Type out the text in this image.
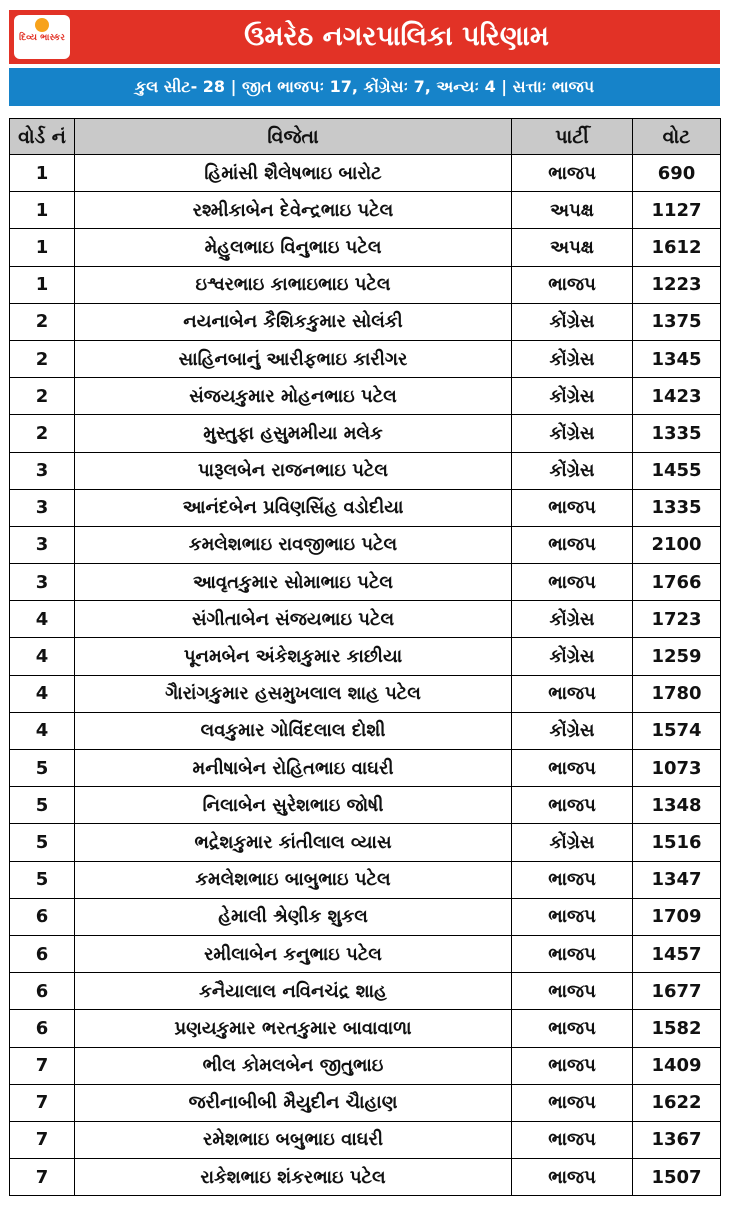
દિવ્ય ભાસ્કર	ઉમરેઠ નગરપાલિકા પરિણામ
કુલ સીટ- 28 | જીત ભાજપઃ 17, કોંગ્રેસઃ 7, અન્યઃ 4 | સત્તાઃ ભાજપ
વોર્ડ નં	વિજેતા	પાર્ટી	વોટ
1	હિમાંસી શૈલેષભાઇ બારોટ	ભાજપ	690
1	રશ્મીકાબેન દેવેન્દ્રભાઇ પટેલ	અપક્ષ	1127
1	મેહુલભાઇ વિનુભાઇ પટેલ	અપક્ષ	1612
1	ઇશ્વરભાઇ કાભાઇભાઇ પટેલ	ભાજપ	1223
2	નયનાબેન કૈશિકકુમાર સોલંકી	કોંગ્રેસ	1375
2	સાહિનબાનું આરીફભાઇ કારીગર	કોંગ્રેસ	1345
2	સંજયકુમાર મોહનભાઇ પટેલ	કોંગ્રેસ	1423
2	મુસ્તુફા હસુમમીયા મલેક	કોંગ્રેસ	1335
3	પારૂલબેન રાજનભાઇ પટેલ	કોંગ્રેસ	1455
3	આનંદબેન પ્રવિણસિંહ વડોદીયા	ભાજપ	1335
3	કમલેશભાઇ રાવજીભાઇ પટેલ	ભાજપ	2100
3	આવૃતકુમાર સોમાભાઇ પટેલ	ભાજપ	1766
4	સંગીતાબેન સંજયભાઇ પટેલ	કોંગ્રેસ	1723
4	પૂનમબેન અંકેશકુમાર કાછીયા	કોંગ્રેસ	1259
4	ગૈારાંગકુમાર હસમુખલાલ શાહ પટેલ	ભાજપ	1780
4	લવકુમાર ગોવિંદલાલ દોશી	કોંગ્રેસ	1574
5	મનીષાબેન રોહિતભાઇ વાઘરી	ભાજપ	1073
5	નિલાબેન સુરેશભાઇ જોષી	ભાજપ	1348
5	ભદ્રેશકુમાર કાંતીલાલ વ્યાસ	કોંગ્રેસ	1516
5	કમલેશભાઇ બાબુભાઇ પટેલ	ભાજપ	1347
6	હેમાલી શ્રેણીક શુકલ	ભાજપ	1709
6	રમીલાબેન કનુભાઇ પટેલ	ભાજપ	1457
6	કનૈયાલાલ નવિનચંદ્ર શાહ	ભાજપ	1677
6	પ્રણયકુમાર ભરતકુમાર બાવાવાળા	ભાજપ	1582
7	ભીલ કોમલબેન જીતુભાઇ	ભાજપ	1409
7	જરીનાબીબી મૈયુદીન ચૈાહાણ	ભાજપ	1622
7	રમેશભાઇ બબુભાઇ વાઘરી	ભાજપ	1367
7	રાકેશભાઇ શંકરભાઇ પટેલ	ભાજપ	1507
